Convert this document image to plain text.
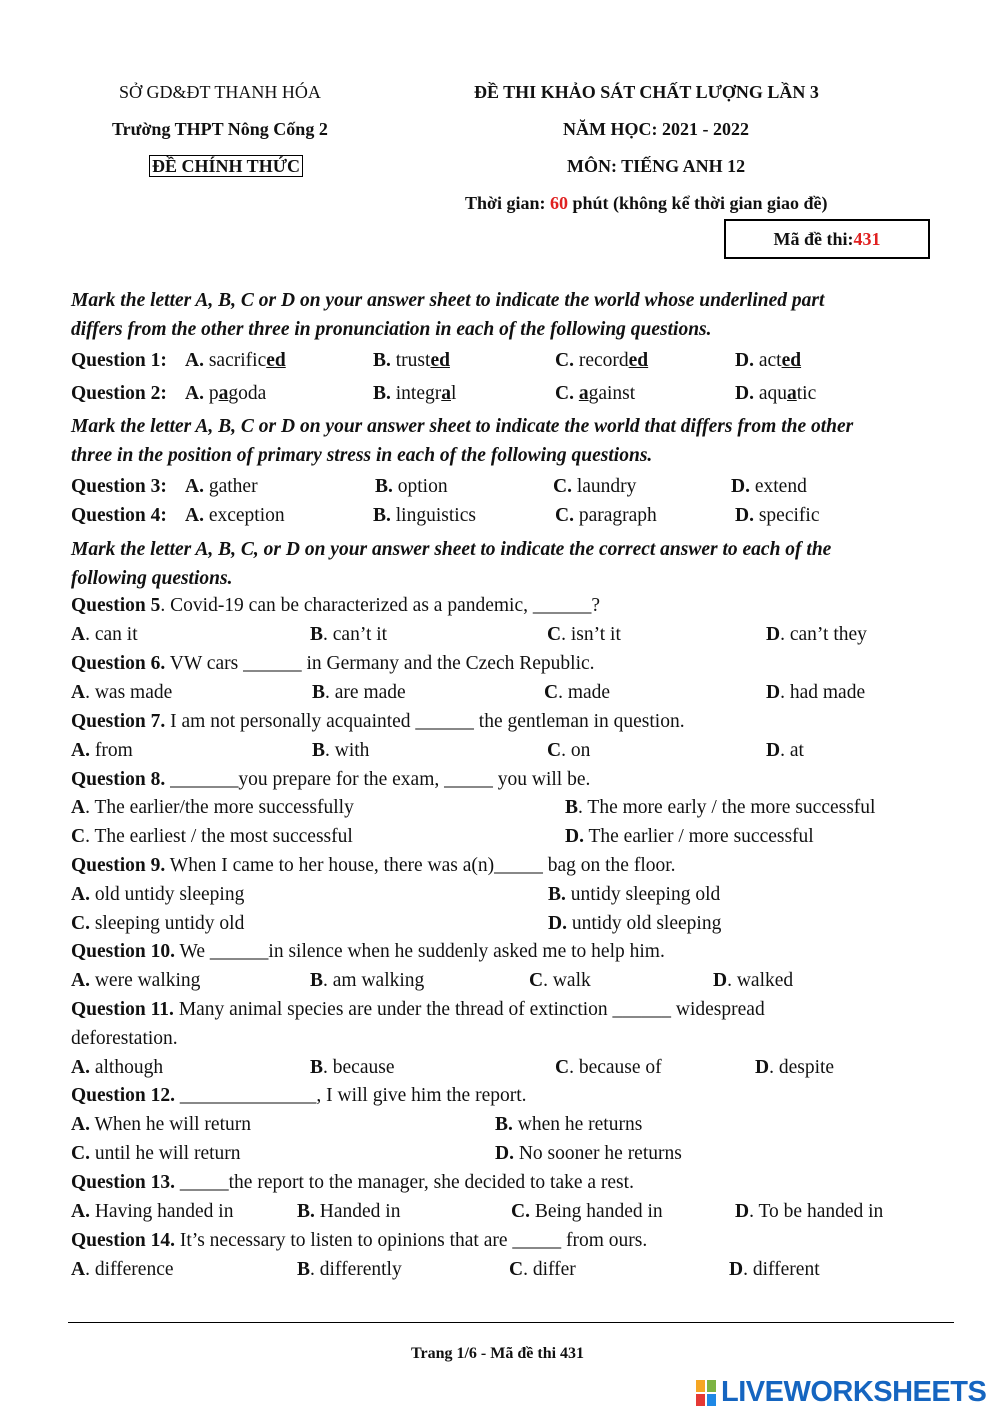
SỞ GD&ĐT THANH HÓA
Trường THPT Nông Cống 2
ĐỀ CHÍNH THỨC
ĐỀ THI KHẢO SÁT CHẤT LƯỢNG LẦN 3
NĂM HỌC: 2021 - 2022
MÔN: TIẾNG ANH 12
Thời gian: 60 phút (không kể thời gian giao đề)
Mã đề thi: 431
Mark the letter A, B, C or D on your answer sheet to indicate the world whose underlined part
differs from the other three in pronunciation in each of the following questions.
Question 1: A. sacrificed	B. trusted	C. recorded	D. acted
Question 2: A. pagoda	B. integral	C. against	D. aquatic
Mark the letter A, B, C or D on your answer sheet to indicate the world that differs from the other
three in the position of primary stress in each of the following questions.
Question 3: A. gather	B. option	C. laundry	D. extend
Question 4: A. exception	B. linguistics	C. paragraph	D. specific
Mark the letter A, B, C, or D on your answer sheet to indicate the correct answer to each of the
following questions.
Question 5. Covid-19 can be characterized as a pandemic, ______?
A. can it	B. can’t it	C. isn’t it	D. can’t they
Question 6. VW cars ______ in Germany and the Czech Republic.
A. was made	B. are made	C. made	D. had made
Question 7. I am not personally acquainted ______ the gentleman in question.
A. from	B. with	C. on	D. at
Question 8. _______you prepare for the exam, _____ you will be.
A. The earlier/the more successfully	B. The more early / the more successful
C. The earliest / the most successful	D. The earlier / more successful
Question 9. When I came to her house, there was a(n)_____ bag on the floor.
A. old untidy sleeping	B. untidy sleeping old
C. sleeping untidy old	D. untidy old sleeping
Question 10. We ______in silence when he suddenly asked me to help him.
A. were walking	B. am walking	C. walk	D. walked
Question 11. Many animal species are under the thread of extinction ______ widespread
deforestation.
A. although	B. because	C. because of	D. despite
Question 12. ______________, I will give him the report.
A. When he will return	B. when he returns
C. until he will return	D. No sooner he returns
Question 13. _____the report to the manager, she decided to take a rest.
A. Having handed in	B. Handed in	C. Being handed in	D. To be handed in
Question 14. It’s necessary to listen to opinions that are _____ from ours.
A. difference	B. differently	C. differ	D. different
Trang 1/6 - Mã đề thi 431
LIVEWORKSHEETS
